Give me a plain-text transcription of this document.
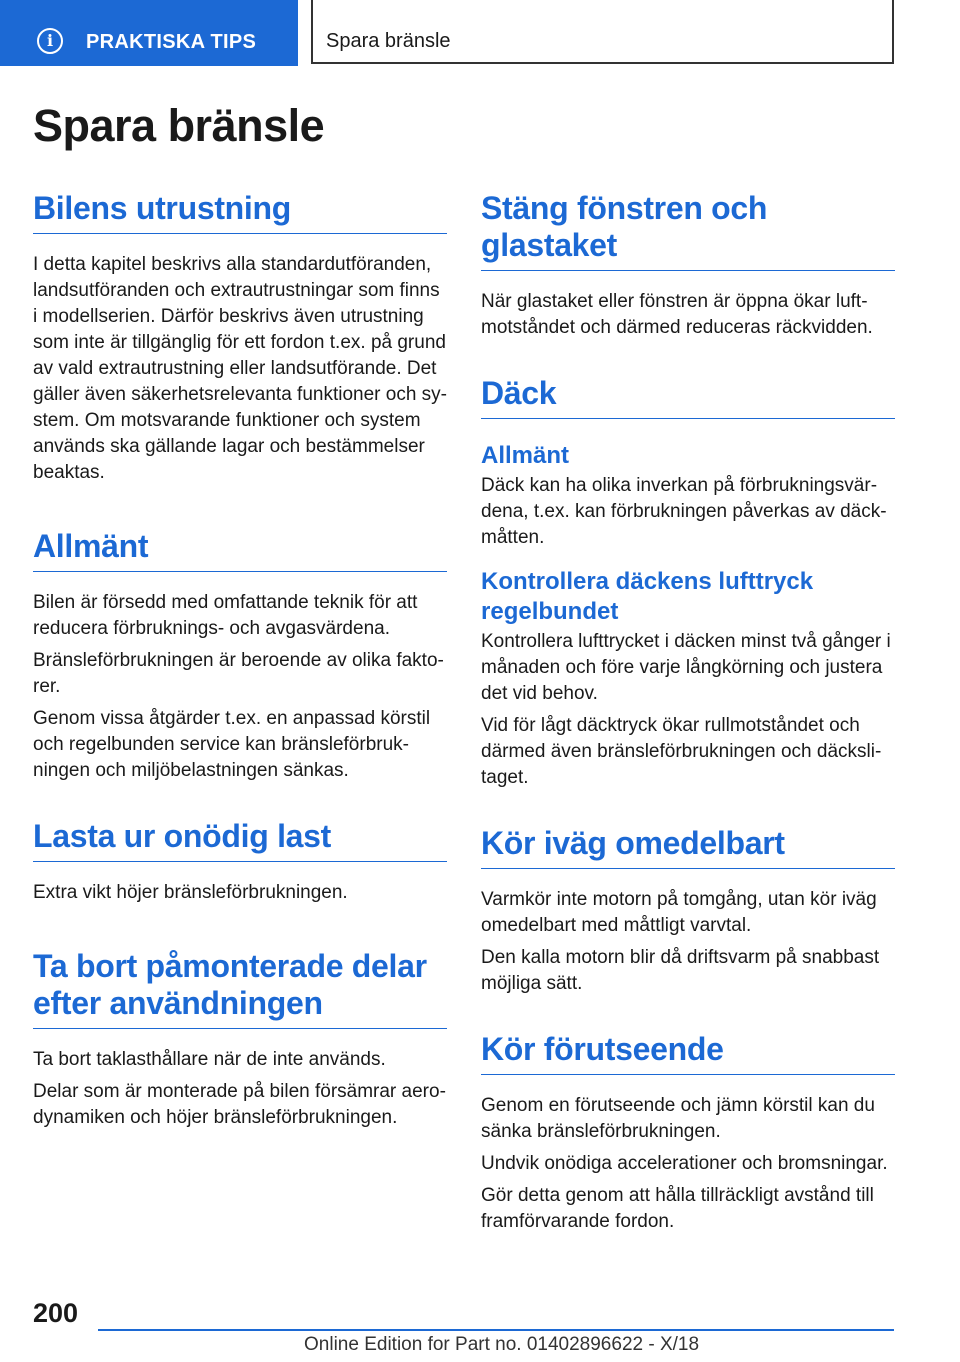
i	PRAKTISKA TIPS	Spara bränsle
Spara bränsle
Bilens utrustning

I detta kapitel beskrivs alla standardutföranden, landsutföranden och extrautrustningar som finns i modellserien. Därför beskrivs även utrustning som inte är tillgänglig för ett fordon t.ex. på grund av vald extrautrustning eller landsutförande. Det gäller även säkerhetsrelevanta funktioner och sy-stem. Om motsvarande funktioner och system används ska gällande lagar och bestämmelser beaktas.

Allmänt

Bilen är försedd med omfattande teknik för att reducera förbruknings- och avgasvärdena.

Bränsleförbrukningen är beroende av olika fakto-rer.

Genom vissa åtgärder t.ex. en anpassad körstil och regelbunden service kan bränsleförbruk-ningen och miljöbelastningen sänkas.

Lasta ur onödig last

Extra vikt höjer bränsleförbrukningen.

Ta bort påmonterade delar efter användningen

Ta bort taklasthållare när de inte används.

Delar som är monterade på bilen försämrar aero-dynamiken och höjer bränsleförbrukningen.

Stäng fönstren och glastaket

När glastaket eller fönstren är öppna ökar luft-motståndet och därmed reduceras räckvidden.

Däck
Allmänt

Däck kan ha olika inverkan på förbrukningsvär-dena, t.ex. kan förbrukningen påverkas av däck-måtten.

Kontrollera däckens lufttryck regelbundet

Kontrollera lufttrycket i däcken minst två gånger i månaden och före varje långkörning och justera det vid behov.

Vid för lågt däcktryck ökar rullmotståndet och därmed även bränsleförbrukningen och däcksli-taget.

Kör iväg omedelbart

Varmkör inte motorn på tomgång, utan kör iväg omedelbart med måttligt varvtal.

Den kalla motorn blir då driftsvarm på snabbast möjliga sätt.

Kör förutseende

Genom en förutseende och jämn körstil kan du sänka bränsleförbrukningen.

Undvik onödiga accelerationer och bromsningar.

Gör detta genom att hålla tillräckligt avstånd till framförvarande fordon.

200
Online Edition for Part no. 01402896622 - X/18
